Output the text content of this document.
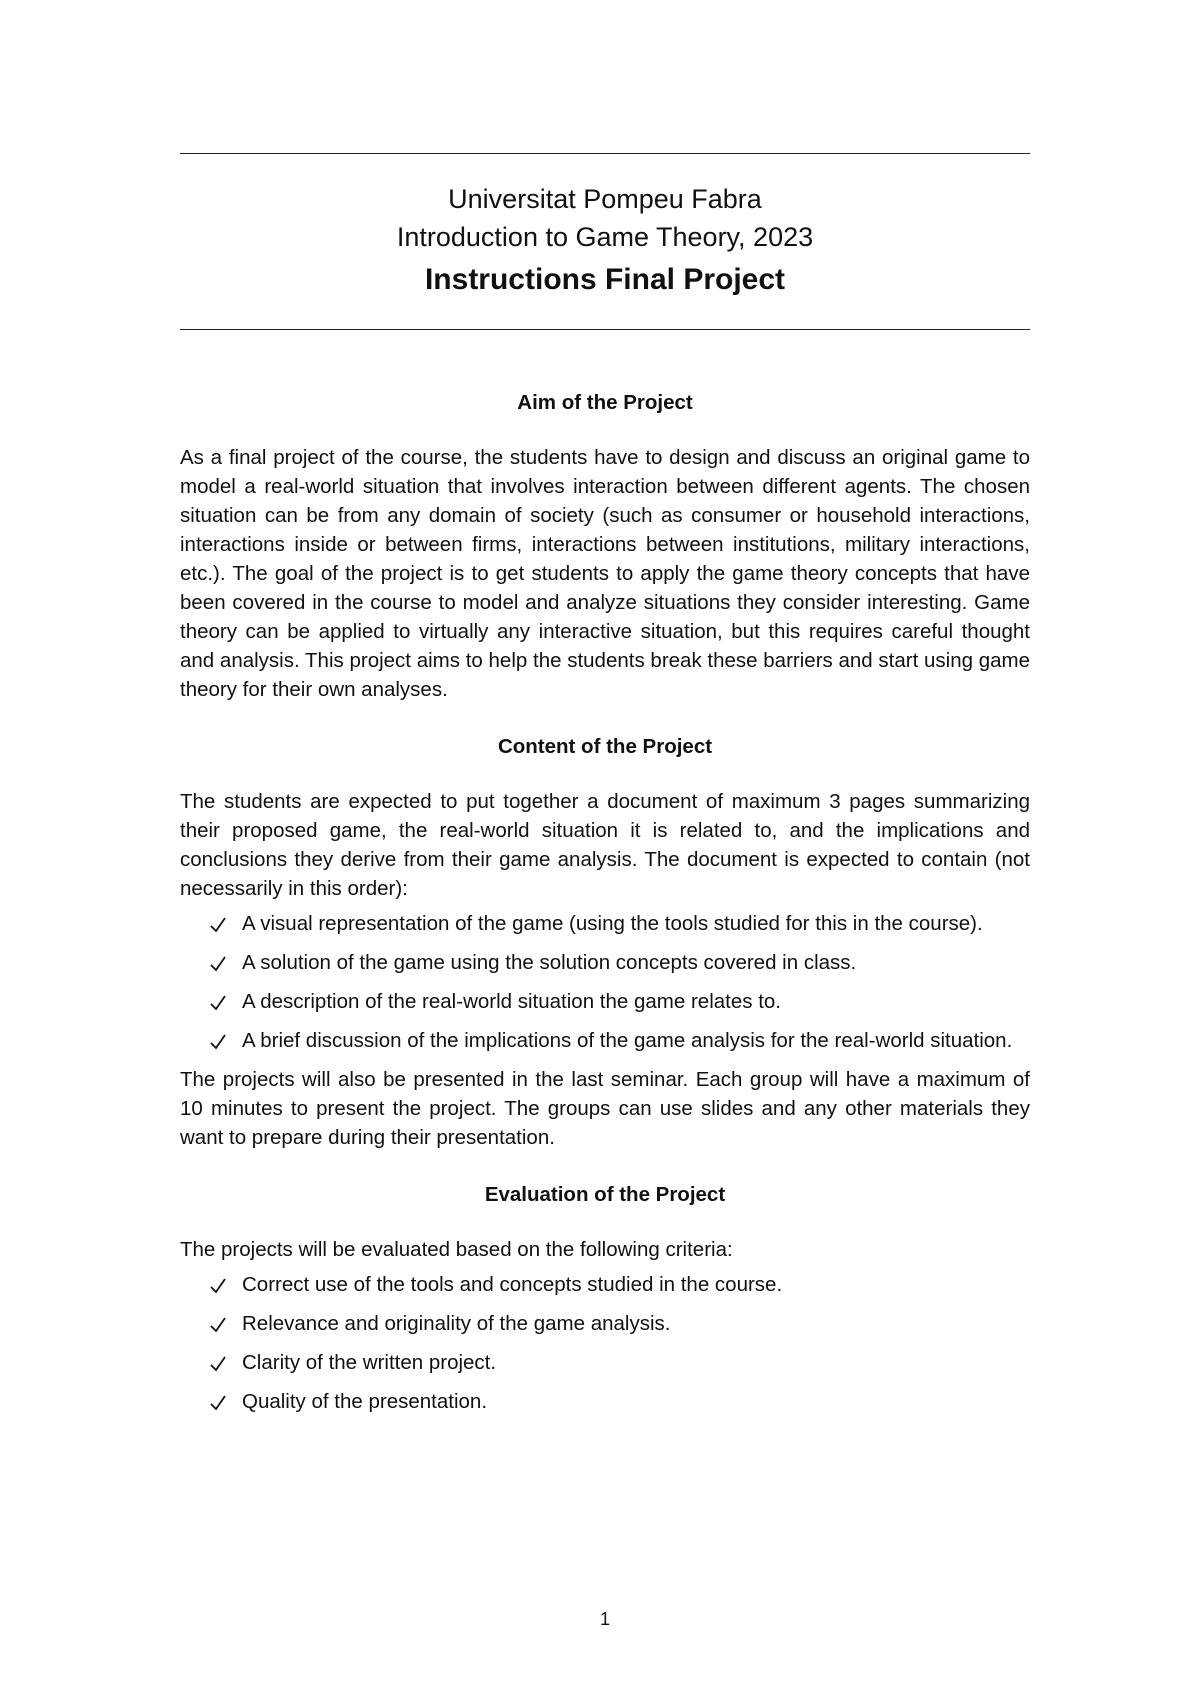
Universitat Pompeu Fabra
Introduction to Game Theory, 2023
Instructions Final Project
Aim of the Project

As a final project of the course, the students have to design and discuss an original game to model a real-world situation that involves interaction between different agents. The chosen situation can be from any domain of society (such as consumer or household interactions, interactions inside or between firms, interactions between institutions, military interactions, etc.). The goal of the project is to get students to apply the game theory concepts that have been covered in the course to model and analyze situations they consider interesting. Game theory can be applied to virtually any interactive situation, but this requires careful thought and analysis. This project aims to help the students break these barriers and start using game theory for their own analyses.

Content of the Project

The students are expected to put together a document of maximum 3 pages summarizing their proposed game, the real-world situation it is related to, and the implications and conclusions they derive from their game analysis. The document is expected to contain (not necessarily in this order):

A visual representation of the game (using the tools studied for this in the course).
A solution of the game using the solution concepts covered in class.
A description of the real-world situation the game relates to.
A brief discussion of the implications of the game analysis for the real-world situation.

The projects will also be presented in the last seminar. Each group will have a maximum of 10 minutes to present the project. The groups can use slides and any other materials they want to prepare during their presentation.

Evaluation of the Project

The projects will be evaluated based on the following criteria:

Correct use of the tools and concepts studied in the course.
Relevance and originality of the game analysis.
Clarity of the written project.
Quality of the presentation.
1
